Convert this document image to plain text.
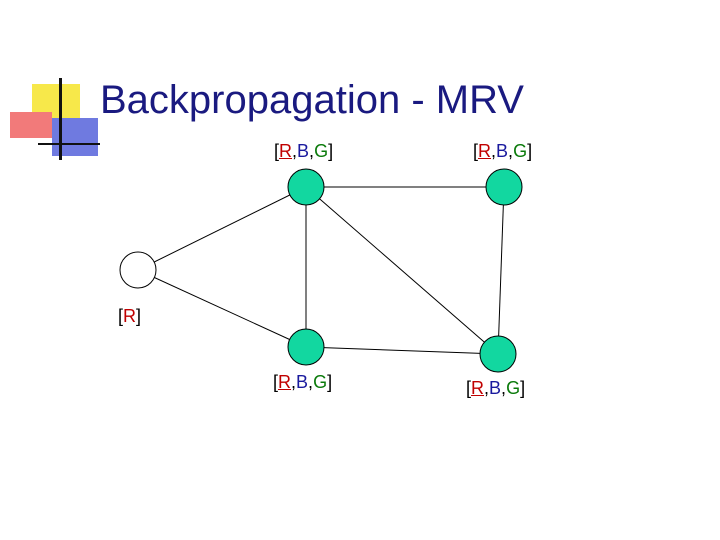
Backpropagation - MRV
[R,B,G]	[R,B,G]
[R]
[R,B,G]	[R,B,G]
